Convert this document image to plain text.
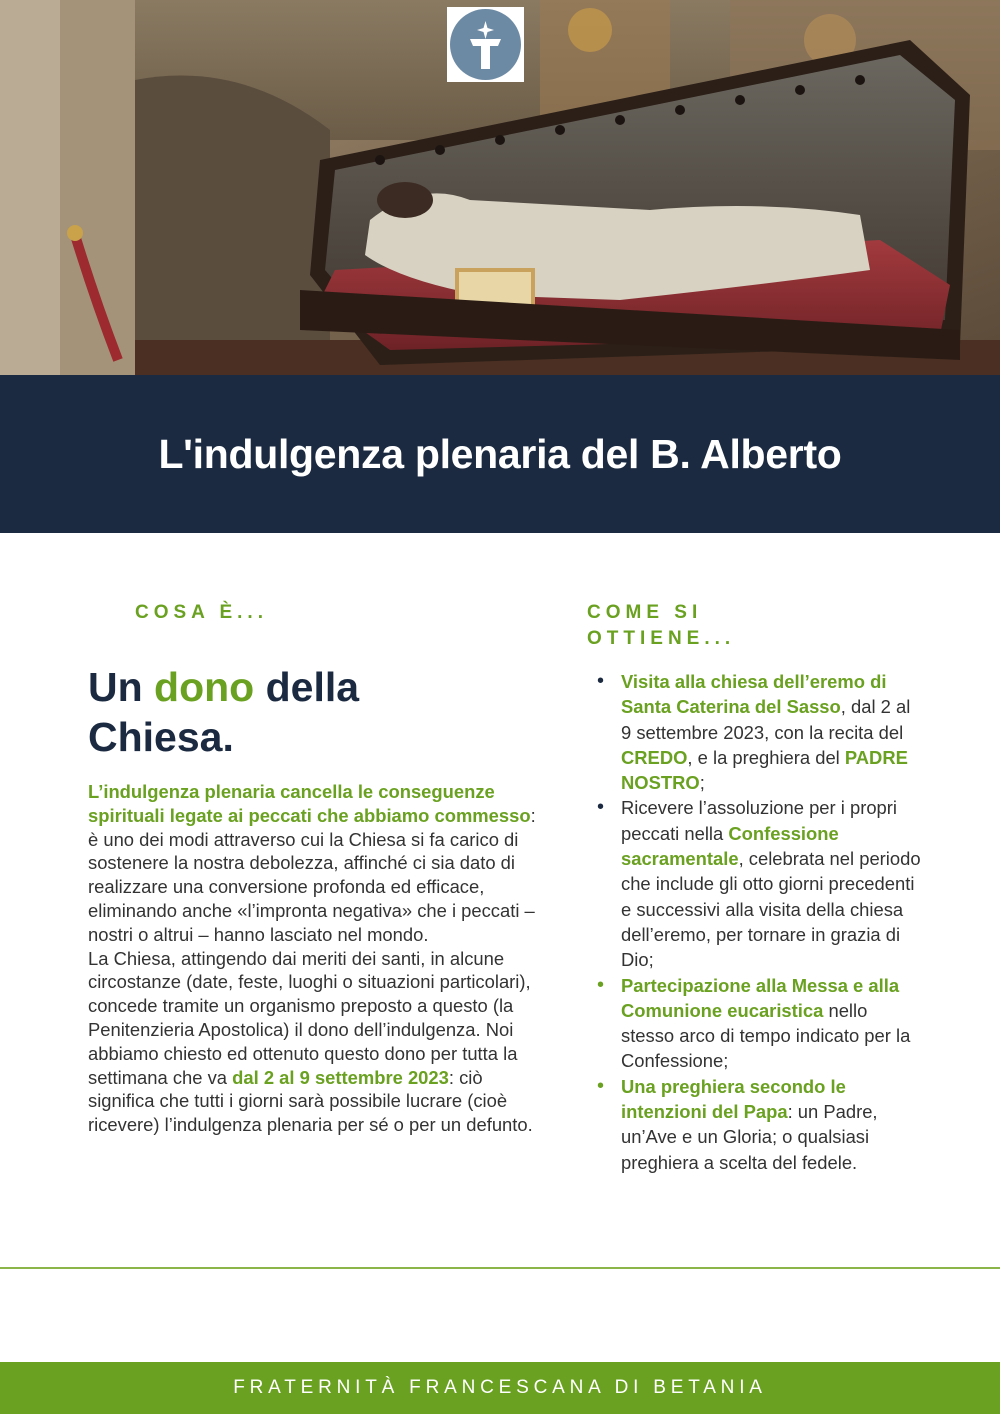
L'indulgenza plenaria del B. Alberto
COSA È...	COME SI OTTIENE...
Un dono della Chiesa.

L’indulgenza plenaria cancella le conseguenze spirituali legate ai peccati che abbiamo commesso: è uno dei modi attraverso cui la Chiesa si fa carico di sostenere la nostra debolezza, affinché ci sia dato di realizzare una conversione profonda ed efficace, eliminando anche «l’impronta negativa» che i peccati – nostri o altrui – hanno lasciato nel mondo.

La Chiesa, attingendo dai meriti dei santi, in alcune circostanze (date, feste, luoghi o situazioni particolari), concede tramite un organismo preposto a questo (la Penitenzieria Apostolica) il dono dell’indulgenza. Noi abbiamo chiesto ed ottenuto questo dono per tutta la settimana che va dal 2 al 9 settembre 2023: ciò significa che tutti i giorni sarà possibile lucrare (cioè ricevere) l’indulgenza plenaria per sé o per un defunto.

• Visita alla chiesa dell’eremo di Santa Caterina del Sasso, dal 2 al 9 settembre 2023, con la recita del CREDO, e la preghiera del PADRE NOSTRO;
• Ricevere l’assoluzione per i propri peccati nella Confessione sacramentale, celebrata nel periodo che include gli otto giorni precedenti e successivi alla visita della chiesa dell’eremo, per tornare in grazia di Dio;
• Partecipazione alla Messa e alla Comunione eucaristica nello stesso arco di tempo indicato per la Confessione;
• Una preghiera secondo le intenzioni del Papa: un Padre, un’Ave e un Gloria; o qualsiasi preghiera a scelta del fedele.
FRATERNITÀ FRANCESCANA DI BETANIA
